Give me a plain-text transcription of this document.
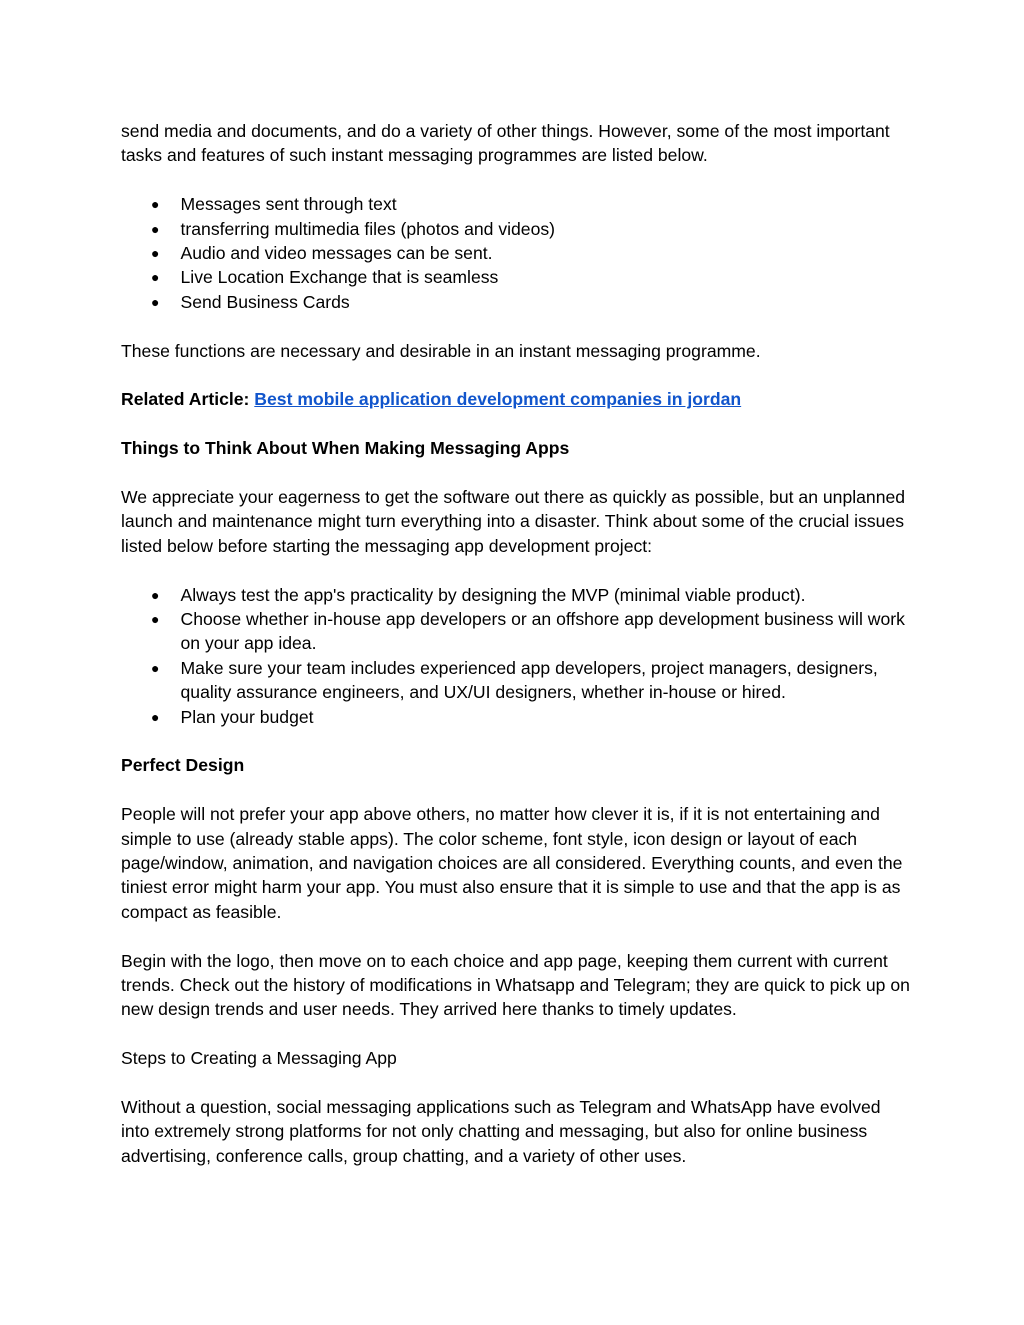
send media and documents, and do a variety of other things. However, some of the most important tasks and features of such instant messaging programmes are listed below.

● Messages sent through text
● transferring multimedia files (photos and videos)
● Audio and video messages can be sent.
● Live Location Exchange that is seamless
● Send Business Cards

These functions are necessary and desirable in an instant messaging programme.

Related Article: Best mobile application development companies in jordan

Things to Think About When Making Messaging Apps

We appreciate your eagerness to get the software out there as quickly as possible, but an unplanned launch and maintenance might turn everything into a disaster. Think about some of the crucial issues listed below before starting the messaging app development project:

● Always test the app's practicality by designing the MVP (minimal viable product).
● Choose whether in-house app developers or an offshore app development business will work on your app idea.
● Make sure your team includes experienced app developers, project managers, designers, quality assurance engineers, and UX/UI designers, whether in-house or hired.
● Plan your budget

Perfect Design

People will not prefer your app above others, no matter how clever it is, if it is not entertaining and simple to use (already stable apps). The color scheme, font style, icon design or layout of each page/window, animation, and navigation choices are all considered. Everything counts, and even the tiniest error might harm your app. You must also ensure that it is simple to use and that the app is as compact as feasible.

Begin with the logo, then move on to each choice and app page, keeping them current with current trends. Check out the history of modifications in Whatsapp and Telegram; they are quick to pick up on new design trends and user needs. They arrived here thanks to timely updates.

Steps to Creating a Messaging App

Without a question, social messaging applications such as Telegram and WhatsApp have evolved into extremely strong platforms for not only chatting and messaging, but also for online business advertising, conference calls, group chatting, and a variety of other uses.
